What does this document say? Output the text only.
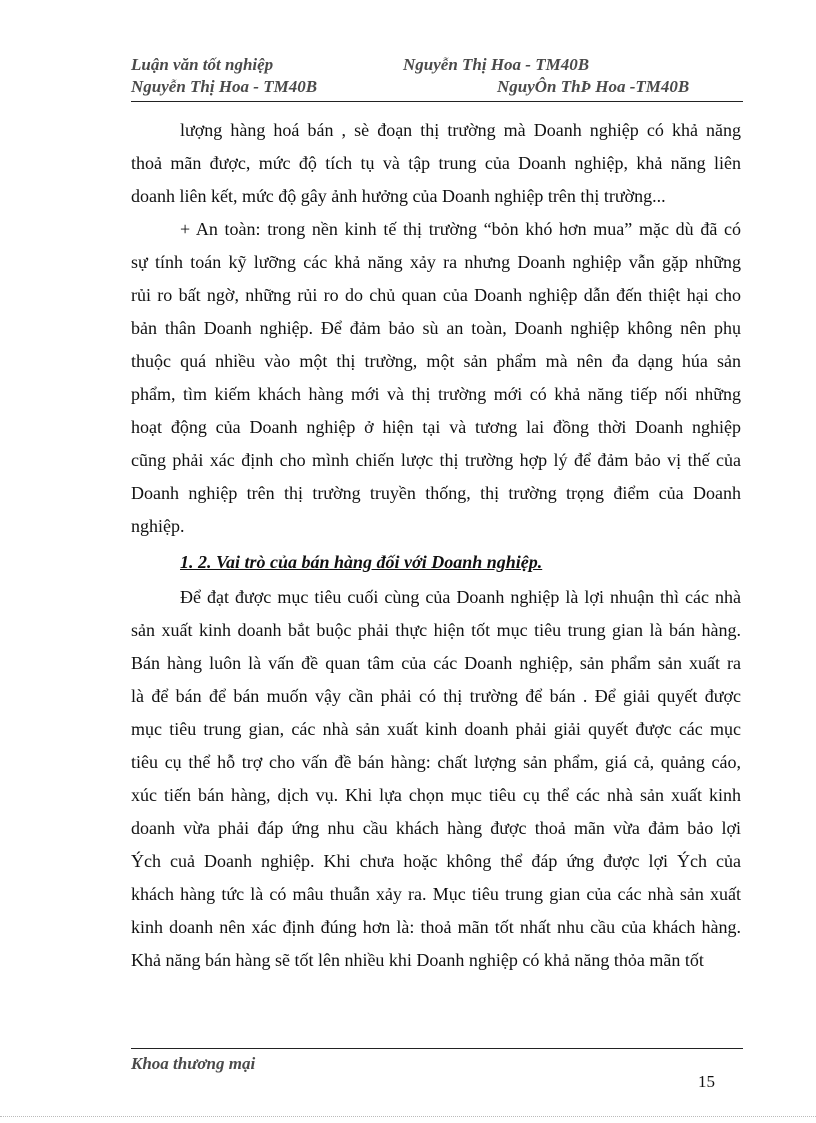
Luận văn tốt nghiệp	Nguyễn Thị Hoa - TM40B
Nguyễn Thị Hoa - TM40B	NguyÔn ThÞ Hoa -TM40B
lượng hàng hoá bán , sè đoạn thị trường mà Doanh nghiệp có khả năng
thoả mãn được, mức độ tích tụ và tập trung của Doanh nghiệp, khả năng liên
doanh liên kết, mức độ gây ảnh hưởng của Doanh nghiệp trên thị trường...
+ An toàn: trong nền kinh tế thị trường “bỏn khó hơn mua” mặc dù đã có
sự tính toán kỹ lưỡng các khả năng xảy ra nhưng Doanh nghiệp vẫn gặp những
rủi ro bất ngờ, những rủi ro do chủ quan của Doanh nghiệp dẫn đến thiệt hại cho
bản thân Doanh nghiệp. Để đảm bảo sù an toàn, Doanh nghiệp không nên phụ
thuộc quá nhiều vào một thị trường, một sản phẩm mà nên đa dạng húa sản
phẩm, tìm kiếm khách hàng mới và thị trường mới có khả năng tiếp nối những
hoạt động của Doanh nghiệp ở hiện tại và tương lai đồng thời Doanh nghiệp
cũng phải xác định cho mình chiến lược thị trường hợp lý để đảm bảo vị thế của
Doanh nghiệp trên thị trường truyền thống, thị trường trọng điểm của Doanh
nghiệp.
1. 2. Vai trò của bán hàng đối với Doanh nghiệp.
Để đạt được mục tiêu cuối cùng của Doanh nghiệp là lợi nhuận thì các nhà
sản xuất kinh doanh bắt buộc phải thực hiện tốt mục tiêu trung gian là bán hàng.
Bán hàng luôn là vấn đề quan tâm của các Doanh nghiệp, sản phẩm sản xuất ra
là để bán để bán muốn vậy cần phải có thị trường để bán . Để giải quyết được
mục tiêu trung gian, các nhà sản xuất kinh doanh phải giải quyết được các mục
tiêu cụ thể hỗ trợ cho vấn đề bán hàng: chất lượng sản phẩm, giá cả, quảng cáo,
xúc tiến bán hàng, dịch vụ. Khi lựa chọn mục tiêu cụ thể các nhà sản xuất kinh
doanh vừa phải đáp ứng nhu cầu khách hàng được thoả mãn vừa đảm bảo lợi
Ých cuả Doanh nghiệp. Khi chưa hoặc không thể đáp ứng được lợi Ých của
khách hàng tức là có mâu thuẫn xảy ra. Mục tiêu trung gian của các nhà sản xuất
kinh doanh nên xác định đúng hơn là: thoả mãn tốt nhất nhu cầu của khách hàng.
Khả năng bán hàng sẽ tốt lên nhiều khi Doanh nghiệp có khả năng thỏa mãn tốt
Khoa thương mại
15
